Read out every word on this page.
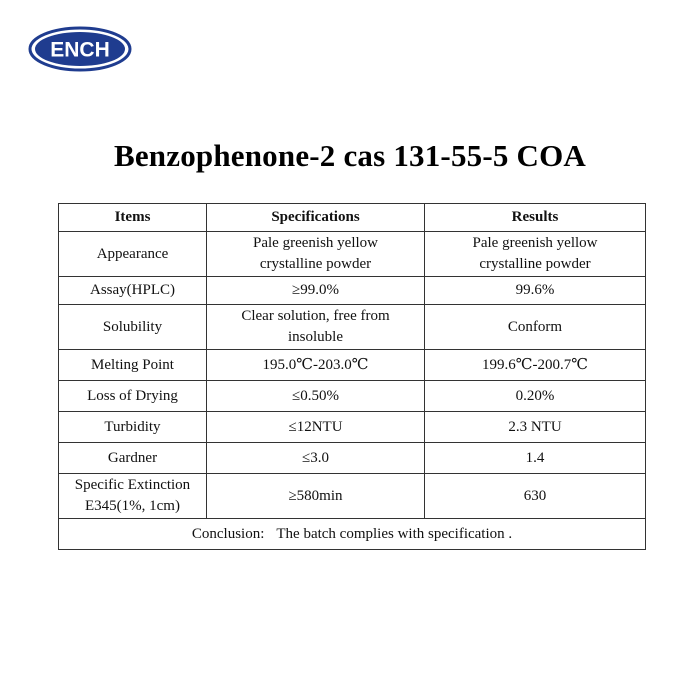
ENCH
Benzophenone-2 cas 131-55-5 COA
Items	Specifications	Results
Appearance	Pale greenish yellow crystalline powder	Pale greenish yellow crystalline powder
Assay(HPLC)	≥99.0%	99.6%
Solubility	Clear solution, free from insoluble	Conform
Melting Point	195.0℃-203.0℃	199.6℃-200.7℃
Loss of Drying	≤0.50%	0.20%
Turbidity	≤12NTU	2.3 NTU
Gardner	≤3.0	1.4
Specific Extinction E345(1%, 1cm)	≥580min	630
Conclusion: The batch complies with specification .		
